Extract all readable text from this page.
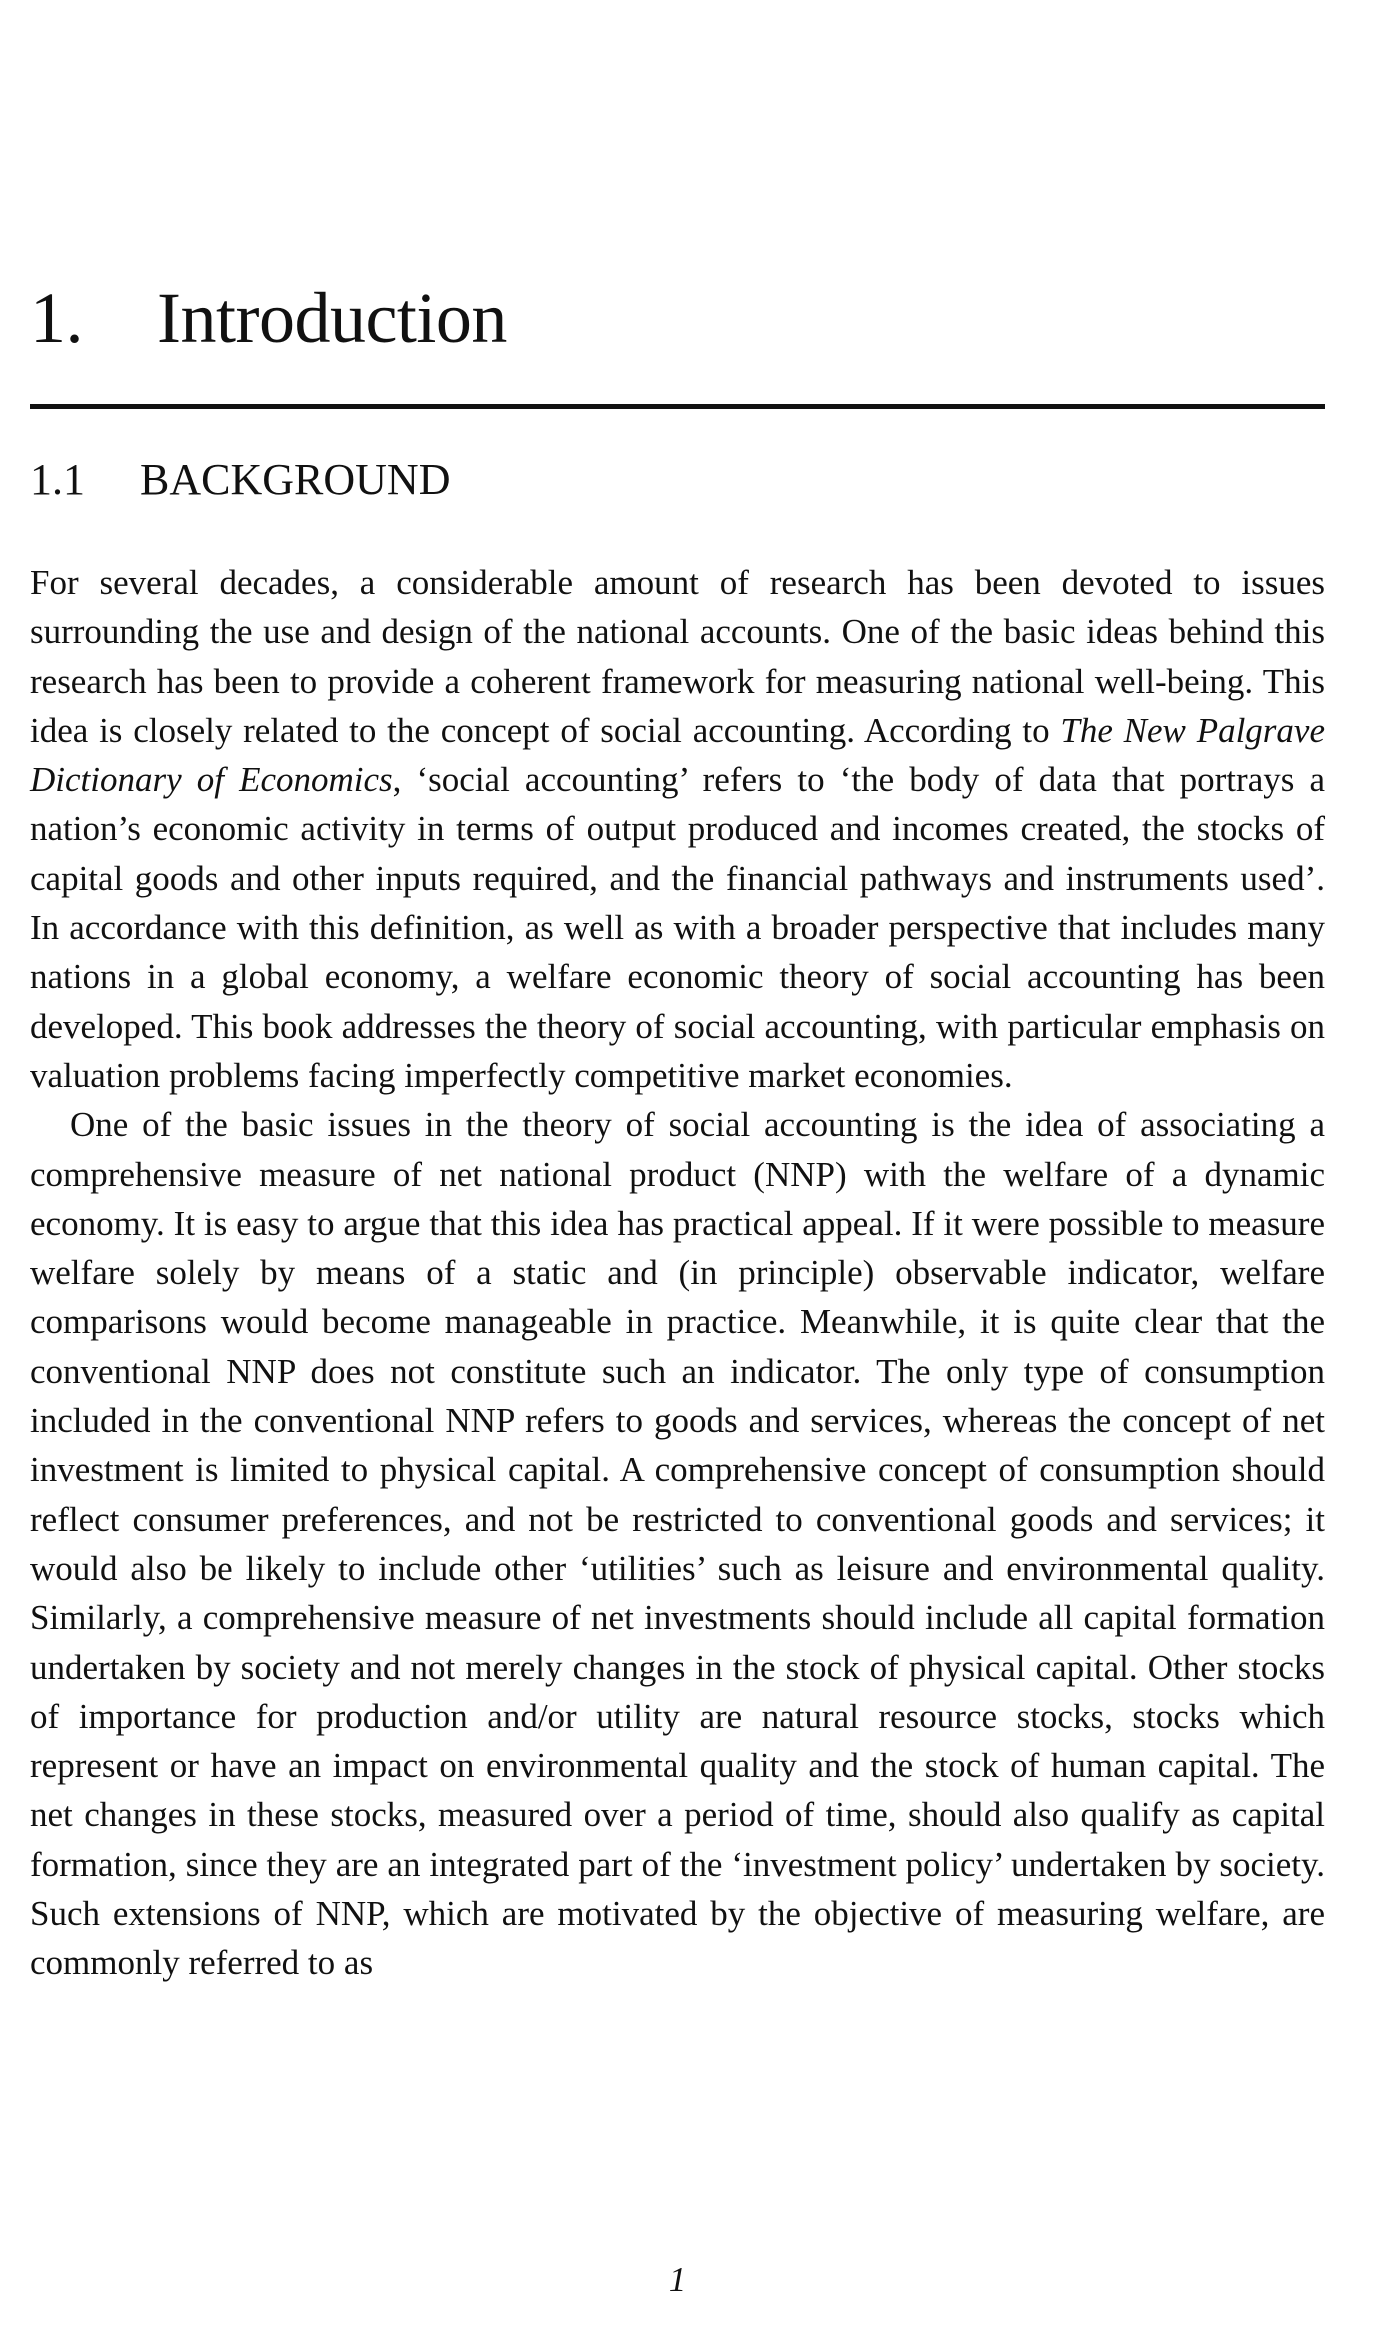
1. Introduction
1.1 BACKGROUND

For several decades, a considerable amount of research has been devoted to issues surrounding the use and design of the national accounts. One of the basic ideas behind this research has been to provide a coherent framework for measuring national well-being. This idea is closely related to the concept of social accounting. According to The New Palgrave Dictionary of Economics, ‘social accounting’ refers to ‘the body of data that portrays a nation’s economic activity in terms of output produced and incomes created, the stocks of capital goods and other inputs required, and the financial pathways and instruments used’. In accordance with this definition, as well as with a broader perspective that includes many nations in a global economy, a welfare economic theory of social accounting has been developed. This book addresses the theory of social accounting, with particular emphasis on valuation problems facing imperfectly competitive market economies.

One of the basic issues in the theory of social accounting is the idea of associating a comprehensive measure of net national product (NNP) with the welfare of a dynamic economy. It is easy to argue that this idea has practical appeal. If it were possible to measure welfare solely by means of a static and (in principle) observable indicator, welfare comparisons would become manageable in practice. Meanwhile, it is quite clear that the conventional NNP does not constitute such an indicator. The only type of consumption included in the conventional NNP refers to goods and services, whereas the concept of net investment is limited to physical capital. A comprehensive concept of consumption should reflect consumer preferences, and not be restricted to conventional goods and services; it would also be likely to include other ‘utilities’ such as leisure and environmental quality. Similarly, a comprehensive measure of net investments should include all capital formation undertaken by society and not merely changes in the stock of physical capital. Other stocks of importance for production and/or utility are natural resource stocks, stocks which represent or have an impact on environmental quality and the stock of human capital. The net changes in these stocks, measured over a period of time, should also qualify as capital formation, since they are an integrated part of the ‘investment policy’ undertaken by society. Such extensions of NNP, which are motivated by the objective of measuring welfare, are commonly referred to as

1
